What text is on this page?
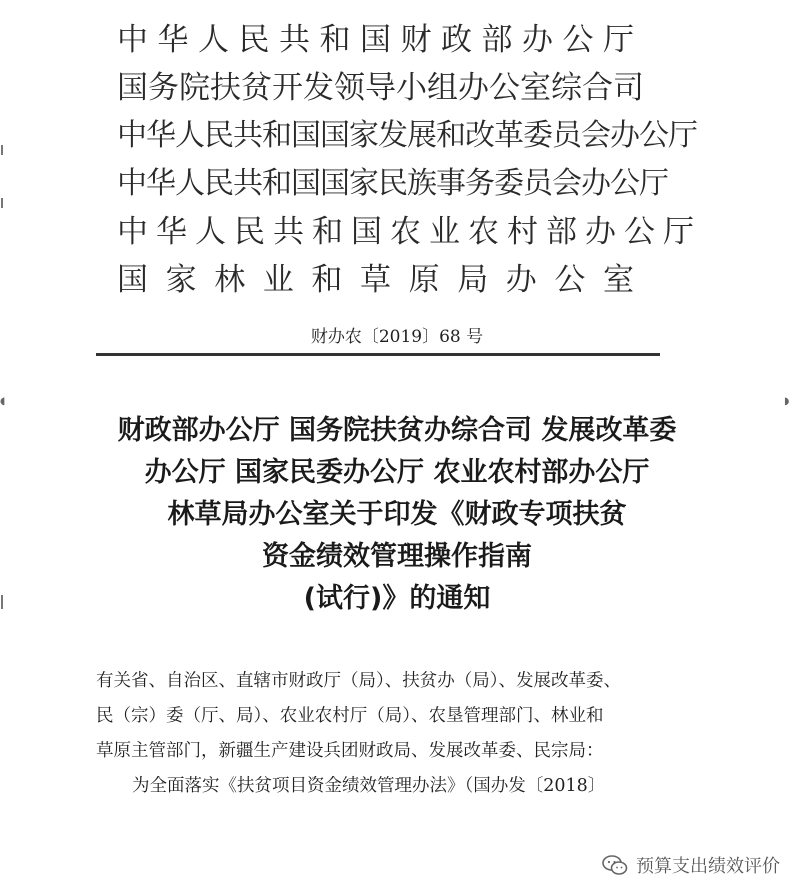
◖	◗
中华人民共和国财政部办公厅
国务院扶贫开发领导小组办公室综合司
中华人民共和国国家发展和改革委员会办公厅
中华人民共和国国家民族事务委员会办公厅
中华人民共和国农业农村部办公厅
国家林业和草原局办公室
财办农〔2019〕68 号
财政部办公厅 国务院扶贫办综合司 发展改革委
办公厅 国家民委办公厅 农业农村部办公厅
林草局办公室关于印发《财政专项扶贫
资金绩效管理操作指南
(试行)》的通知
有关省、自治区、直辖市财政厅（局）、扶贫办（局）、发展改革委、
民（宗）委（厅、局）、农业农村厅（局）、农垦管理部门、林业和
草原主管部门，新疆生产建设兵团财政局、发展改革委、民宗局：
为全面落实《扶贫项目资金绩效管理办法》（国办发〔2018〕
预算支出绩效评价
